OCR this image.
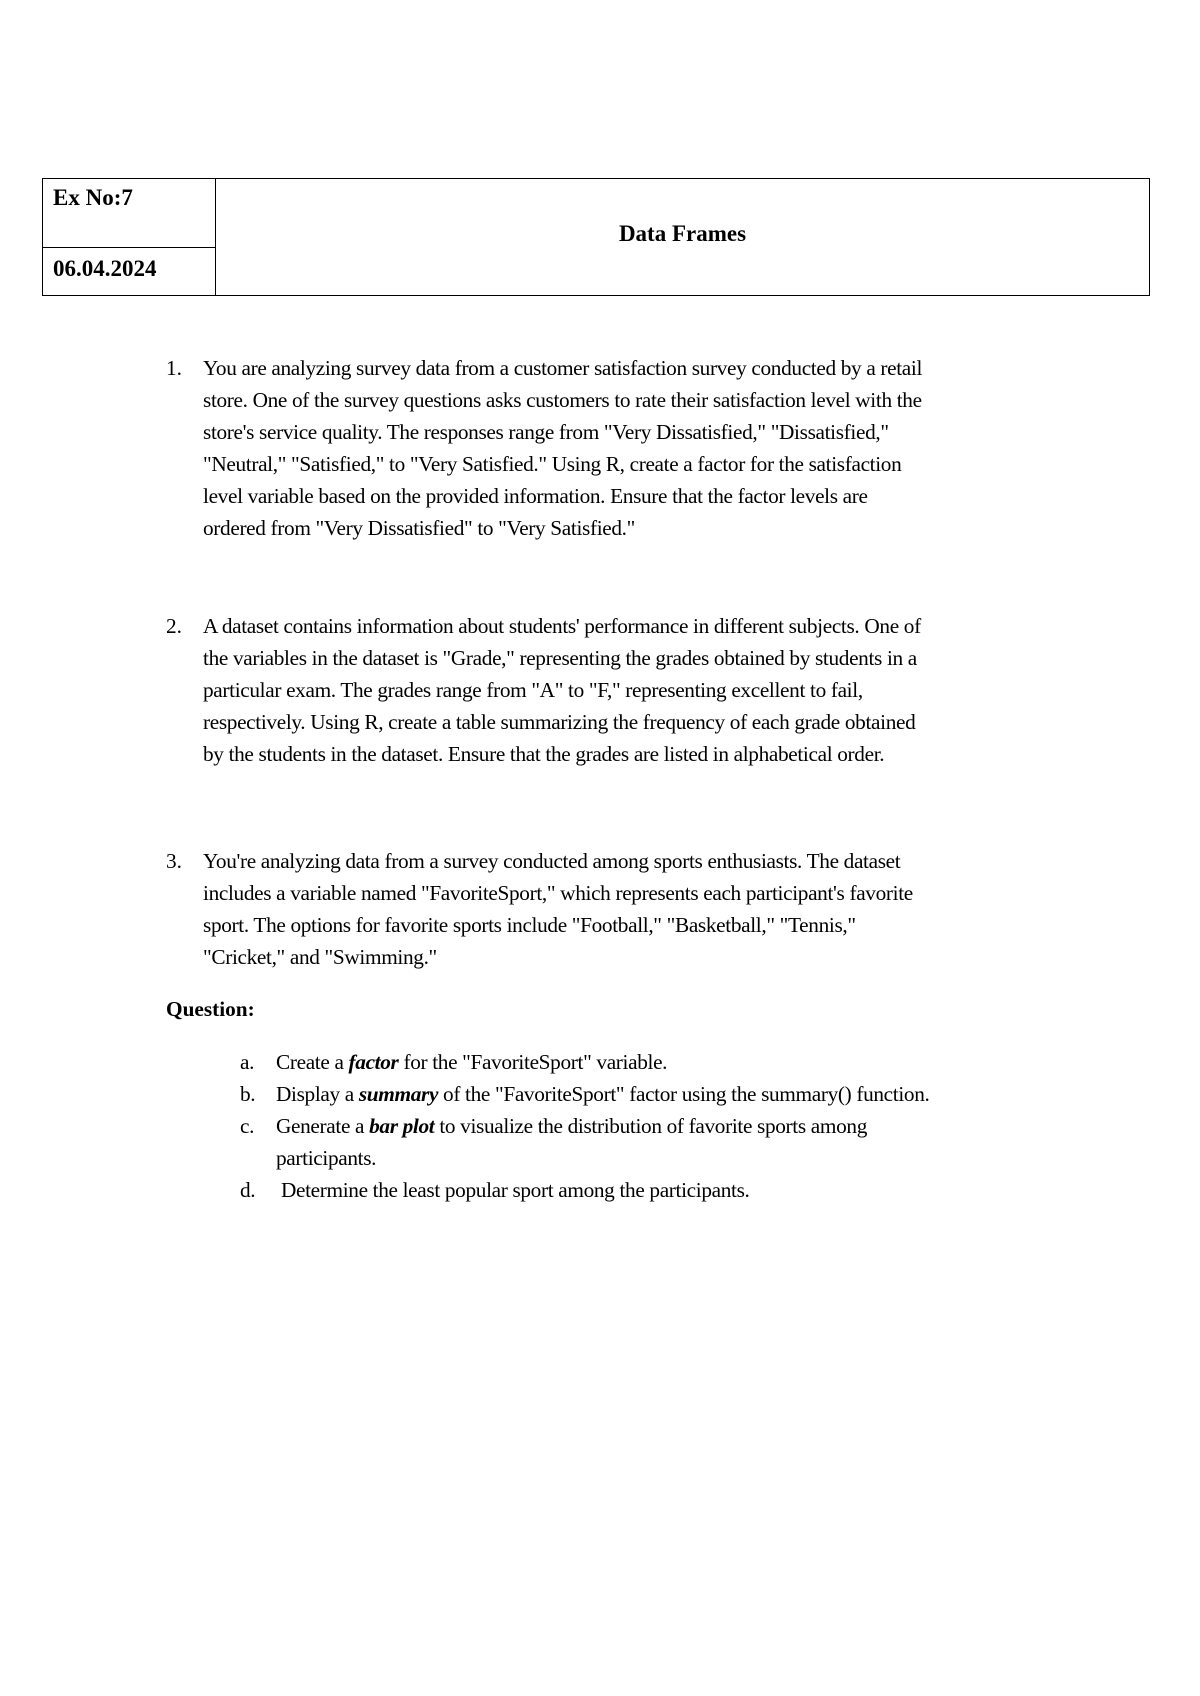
Ex No:7
	Data Frames

06.04.2024
1. You are analyzing survey data from a customer satisfaction survey conducted by a retail
store. One of the survey questions asks customers to rate their satisfaction level with the
store's service quality. The responses range from "Very Dissatisfied," "Dissatisfied,"
"Neutral," "Satisfied," to "Very Satisfied." Using R, create a factor for the satisfaction
level variable based on the provided information. Ensure that the factor levels are
ordered from "Very Dissatisfied" to "Very Satisfied."
2. A dataset contains information about students' performance in different subjects. One of
the variables in the dataset is "Grade," representing the grades obtained by students in a
particular exam. The grades range from "A" to "F," representing excellent to fail,
respectively. Using R, create a table summarizing the frequency of each grade obtained
by the students in the dataset. Ensure that the grades are listed in alphabetical order.
3. You're analyzing data from a survey conducted among sports enthusiasts. The dataset
includes a variable named "FavoriteSport," which represents each participant's favorite
sport. The options for favorite sports include "Football," "Basketball," "Tennis,"
"Cricket," and "Swimming."
Question:
a. Create a factor for the "FavoriteSport" variable.
b. Display a summary of the "FavoriteSport" factor using the summary() function.
c. Generate a bar plot to visualize the distribution of favorite sports among
participants.
d. Determine the least popular sport among the participants.
